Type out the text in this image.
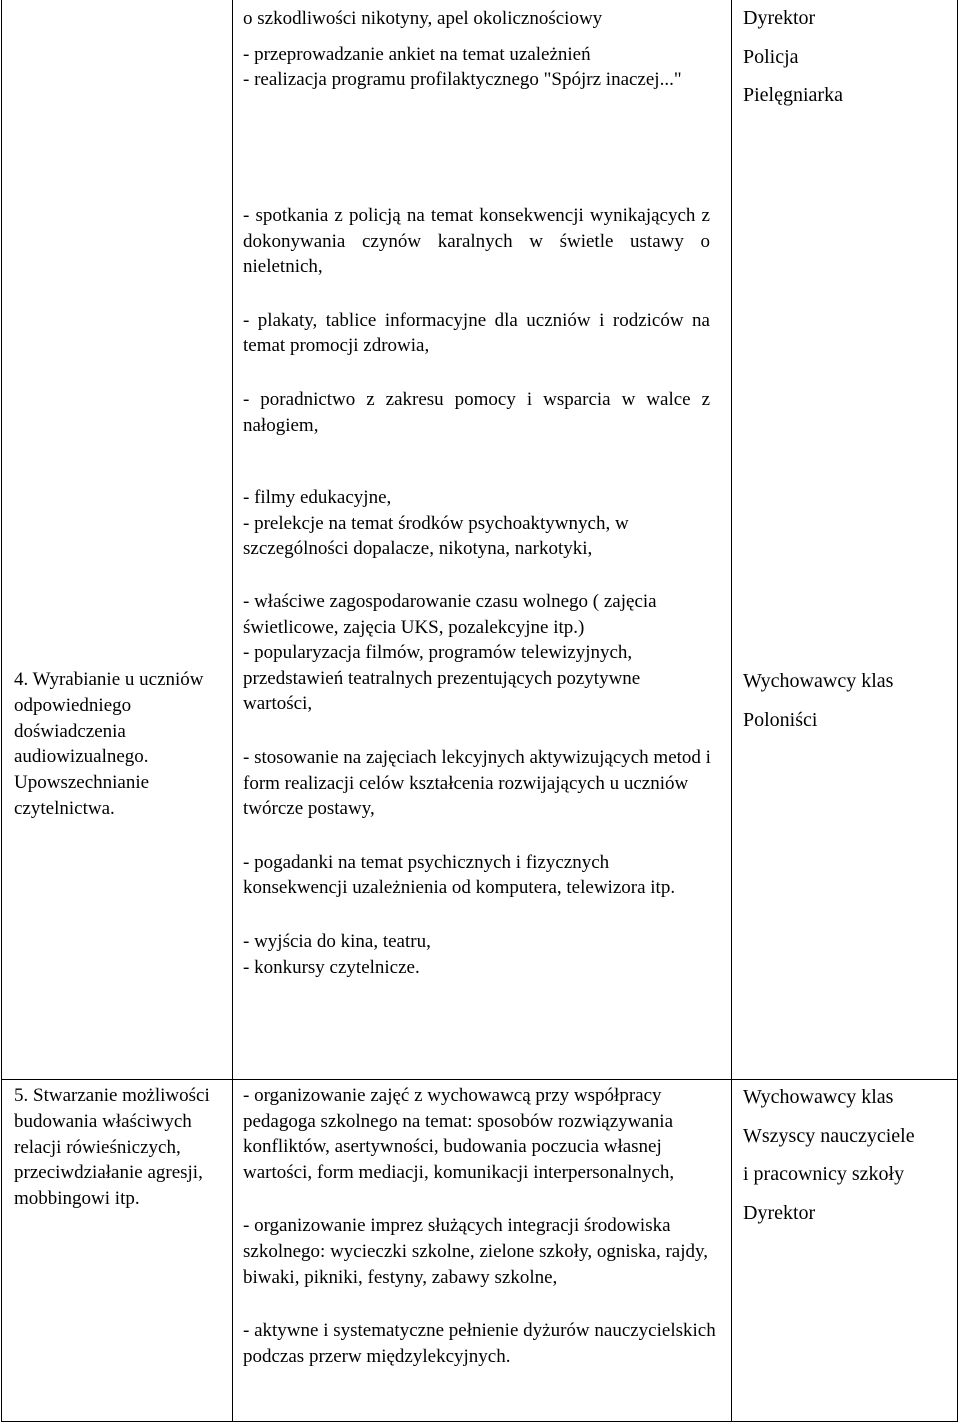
o szkodliwości nikotyny, apel okolicznościowy

- przeprowadzanie ankiet na temat uzależnień

- realizacja programu profilaktycznego "Spójrz inaczej..."

Dyrektor

Policja

Pielęgniarka

- spotkania z policją na temat konsekwencji wynikających z dokonywania czynów karalnych w świetle ustawy o nieletnich,

- plakaty, tablice informacyjne dla uczniów i rodziców na temat promocji zdrowia,

- poradnictwo z zakresu pomocy i wsparcia w walce z nałogiem,

- filmy edukacyjne,

- prelekcje na temat środków psychoaktywnych, w szczególności dopalacze, nikotyna, narkotyki,

4. Wyrabianie u uczniów odpowiedniego doświadczenia audiowizualnego. Upowszechnianie czytelnictwa.

- właściwe zagospodarowanie czasu wolnego ( zajęcia świetlicowe, zajęcia UKS, pozalekcyjne itp.)

- popularyzacja filmów, programów telewizyjnych, przedstawień teatralnych prezentujących pozytywne wartości,

- stosowanie na zajęciach lekcyjnych aktywizujących metod i form realizacji celów kształcenia rozwijających u uczniów twórcze postawy,

- pogadanki na temat psychicznych i fizycznych konsekwencji uzależnienia od komputera, telewizora itp.

- wyjścia do kina, teatru,

- konkursy czytelnicze.

Wychowawcy klas

Poloniści

5. Stwarzanie możliwości budowania właściwych relacji rówieśniczych, przeciwdziałanie agresji, mobbingowi itp.

- organizowanie zajęć z wychowawcą przy współpracy pedagoga szkolnego na temat: sposobów rozwiązywania konfliktów, asertywności, budowania poczucia własnej wartości, form mediacji, komunikacji interpersonalnych,

- organizowanie imprez służących integracji środowiska szkolnego: wycieczki szkolne, zielone szkoły, ogniska, rajdy, biwaki, pikniki, festyny, zabawy szkolne,

- aktywne i systematyczne pełnienie dyżurów nauczycielskich podczas przerw międzylekcyjnych.

Wychowawcy klas

Wszyscy nauczyciele

i pracownicy szkoły

Dyrektor
